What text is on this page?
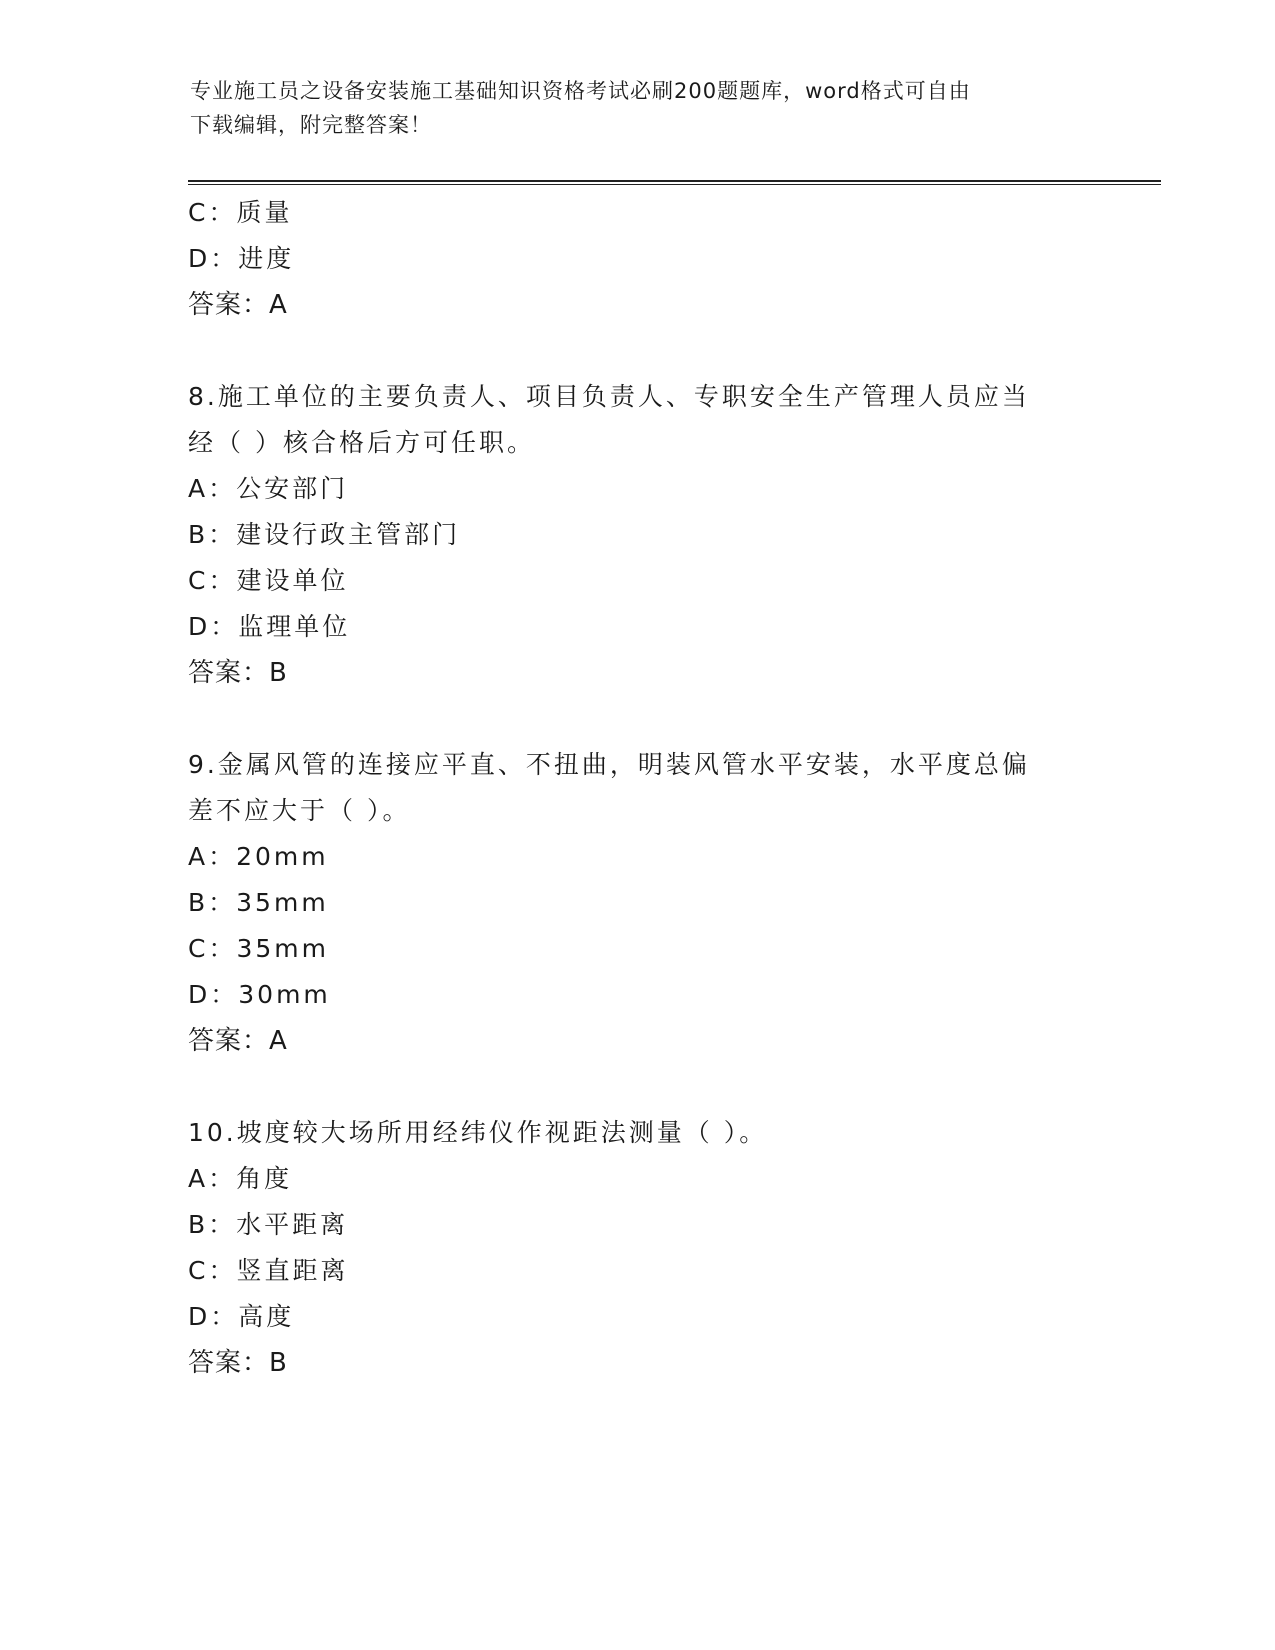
专业施工员之设备安装施工基础知识资格考试必刷200题题库，word格式可自由
下载编辑，附完整答案！
C：质量
D：进度
答案：A
8.施工单位的主要负责人、项目负责人、专职安全生产管理人员应当
经（ ）核合格后方可任职。
A：公安部门
B：建设行政主管部门
C：建设单位
D：监理单位
答案：B
9.金属风管的连接应平直、不扭曲，明装风管水平安装，水平度总偏
差不应大于（ ）。
A：20mm
B：35mm
C：35mm
D：30mm
答案：A
10.坡度较大场所用经纬仪作视距法测量（ ）。
A：角度
B：水平距离
C：竖直距离
D：高度
答案：B
